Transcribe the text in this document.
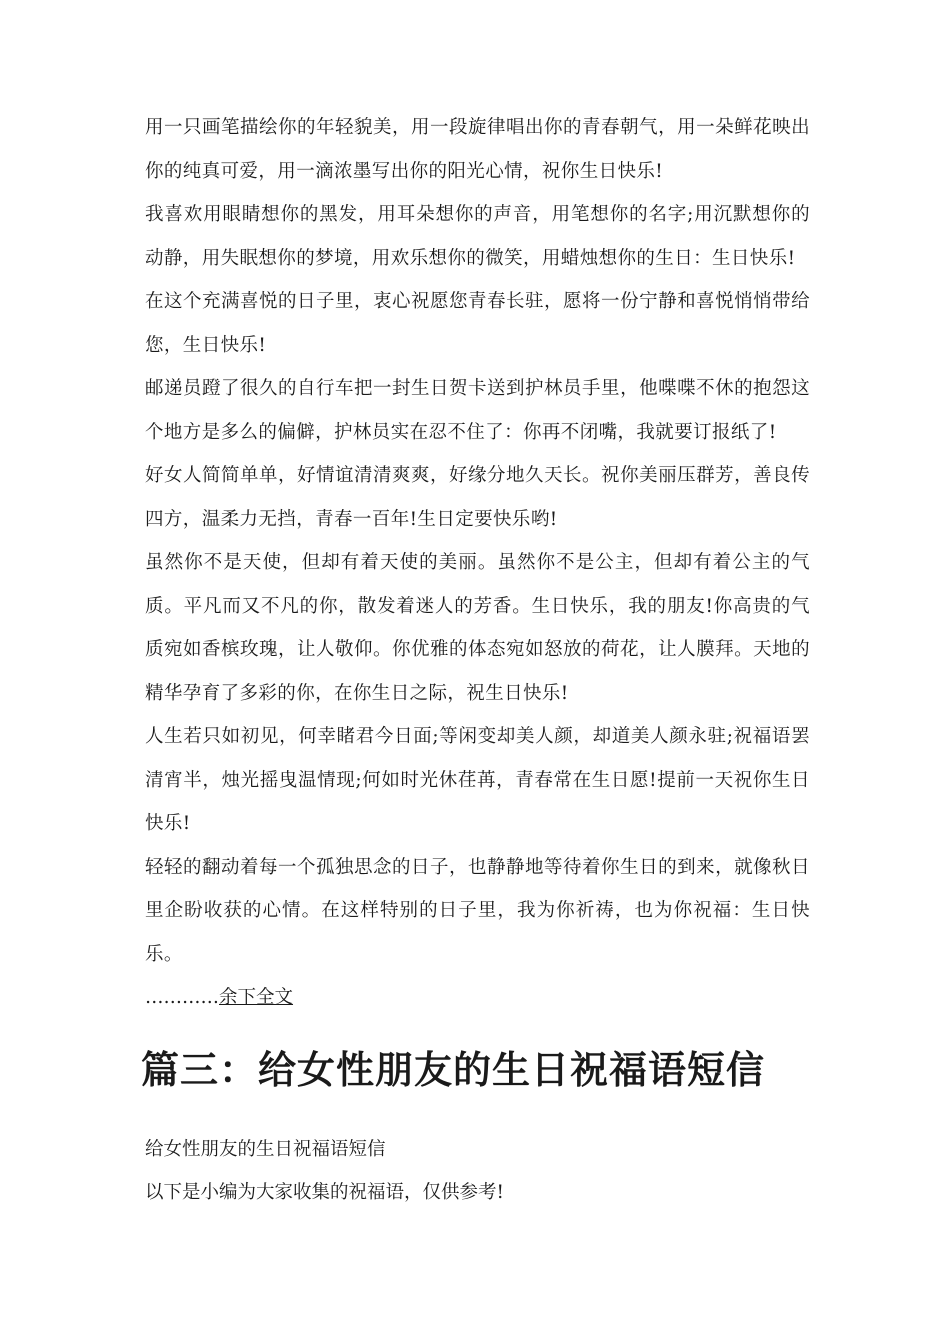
用一只画笔描绘你的年轻貌美，用一段旋律唱出你的青春朝气，用一朵鲜花映出你的纯真可爱，用一滴浓墨写出你的阳光心情，祝你生日快乐!

我喜欢用眼睛想你的黑发，用耳朵想你的声音，用笔想你的名字;用沉默想你的动静，用失眠想你的梦境，用欢乐想你的微笑，用蜡烛想你的生日：生日快乐!

在这个充满喜悦的日子里，衷心祝愿您青春长驻，愿将一份宁静和喜悦悄悄带给您，生日快乐!

邮递员蹬了很久的自行车把一封生日贺卡送到护林员手里，他喋喋不休的抱怨这个地方是多么的偏僻，护林员实在忍不住了：你再不闭嘴，我就要订报纸了!

好女人简简单单，好情谊清清爽爽，好缘分地久天长。祝你美丽压群芳，善良传四方，温柔力无挡，青春一百年!生日定要快乐哟!

虽然你不是天使，但却有着天使的美丽。虽然你不是公主，但却有着公主的气质。平凡而又不凡的你，散发着迷人的芳香。生日快乐，我的朋友!你高贵的气质宛如香槟玫瑰，让人敬仰。你优雅的体态宛如怒放的荷花，让人膜拜。天地的精华孕育了多彩的你，在你生日之际，祝生日快乐!

人生若只如初见，何幸睹君今日面;等闲变却美人颜，却道美人颜永驻;祝福语罢清宵半，烛光摇曳温情现;何如时光休荏苒，青春常在生日愿!提前一天祝你生日快乐!

轻轻的翻动着每一个孤独思念的日子，也静静地等待着你生日的到来，就像秋日里企盼收获的心情。在这样特别的日子里，我为你祈祷，也为你祝福：生日快乐。

…………余下全文

篇三：给女性朋友的生日祝福语短信

给女性朋友的生日祝福语短信

以下是小编为大家收集的祝福语，仅供参考!
